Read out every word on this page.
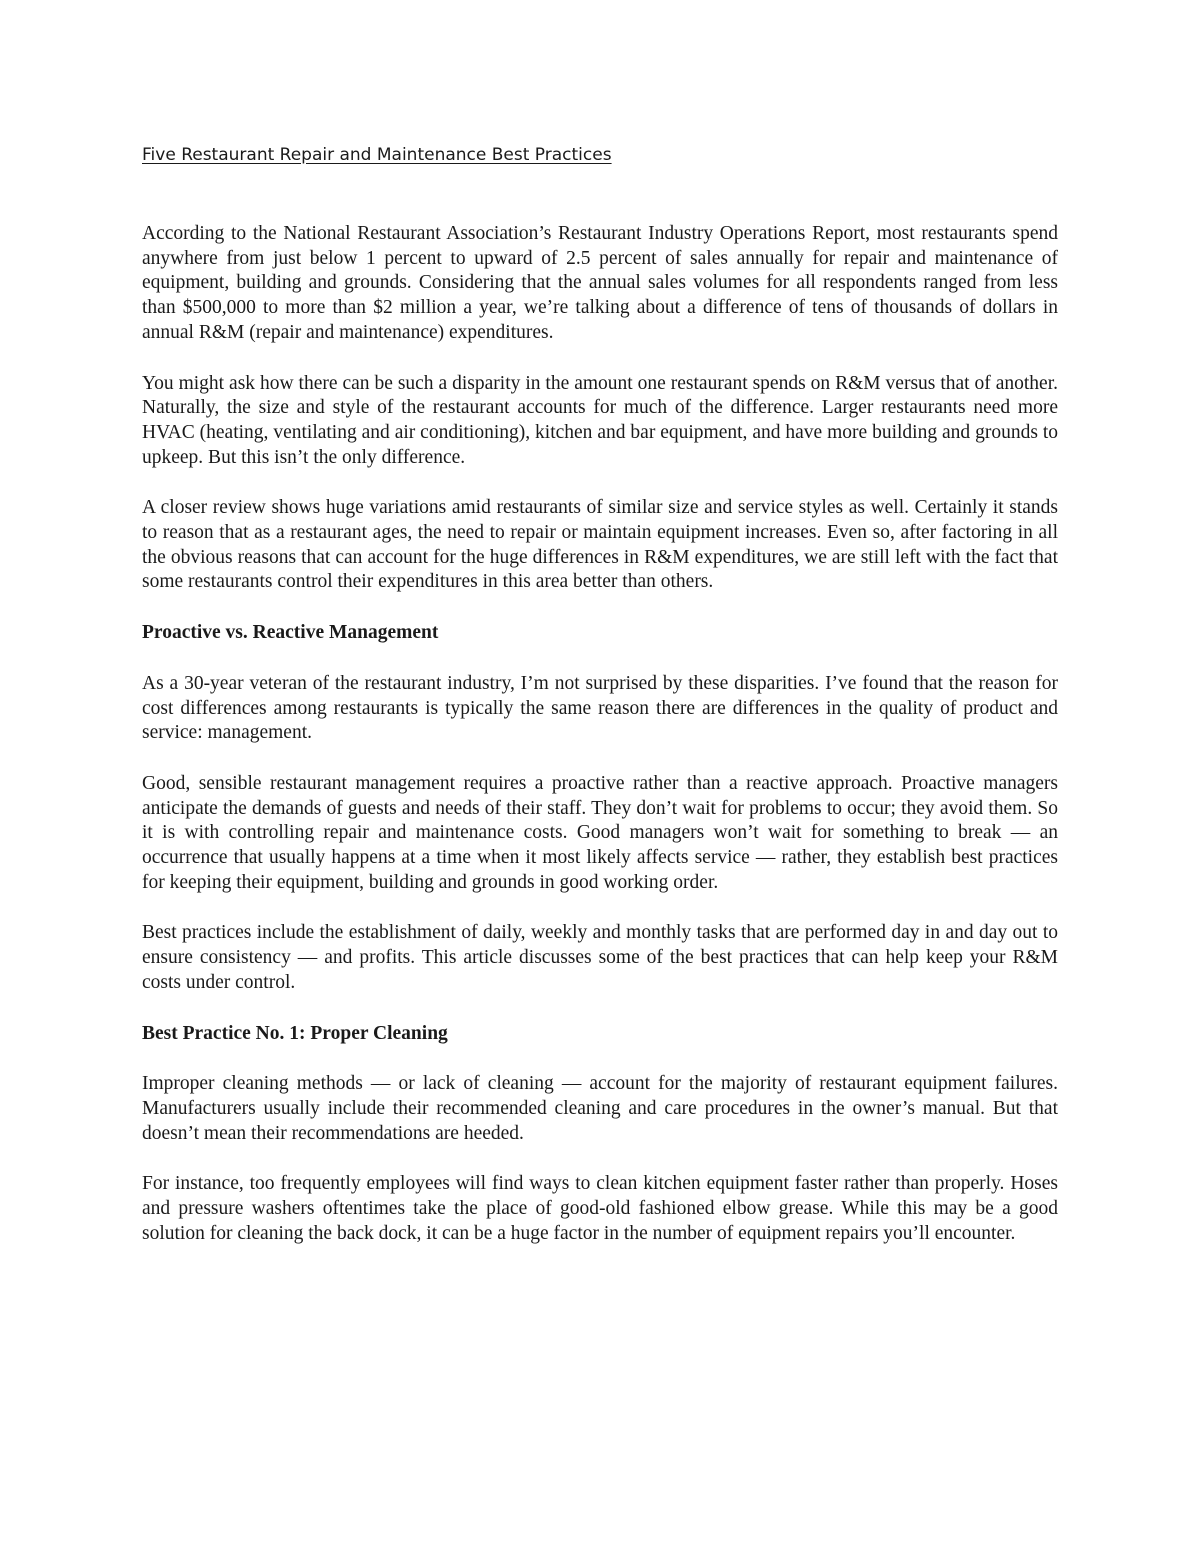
Five Restaurant Repair and Maintenance Best Practices

According to the National Restaurant Association’s Restaurant Industry Operations Report, most restaurants spend anywhere from just below 1 percent to upward of 2.5 percent of sales annually for repair and maintenance of equipment, building and grounds. Considering that the annual sales volumes for all respondents ranged from less than $500,000 to more than $2 million a year, we’re talking about a difference of tens of thousands of dollars in annual R&M (repair and maintenance) expenditures.

You might ask how there can be such a disparity in the amount one restaurant spends on R&M versus that of another. Naturally, the size and style of the restaurant accounts for much of the difference. Larger restaurants need more HVAC (heating, ventilating and air conditioning), kitchen and bar equipment, and have more building and grounds to upkeep. But this isn’t the only difference.

A closer review shows huge variations amid restaurants of similar size and service styles as well. Certainly it stands to reason that as a restaurant ages, the need to repair or maintain equipment increases. Even so, after factoring in all the obvious reasons that can account for the huge differences in R&M expenditures, we are still left with the fact that some restaurants control their expenditures in this area better than others.

Proactive vs. Reactive Management

As a 30-year veteran of the restaurant industry, I’m not surprised by these disparities. I’ve found that the reason for cost differences among restaurants is typically the same reason there are differences in the quality of product and service: management.

Good, sensible restaurant management requires a proactive rather than a reactive approach. Proactive managers anticipate the demands of guests and needs of their staff. They don’t wait for problems to occur; they avoid them. So it is with controlling repair and maintenance costs. Good managers won’t wait for something to break — an occurrence that usually happens at a time when it most likely affects service — rather, they establish best practices for keeping their equipment, building and grounds in good working order.

Best practices include the establishment of daily, weekly and monthly tasks that are performed day in and day out to ensure consistency — and profits. This article discusses some of the best practices that can help keep your R&M costs under control.

Best Practice No. 1: Proper Cleaning

Improper cleaning methods — or lack of cleaning — account for the majority of restaurant equipment failures. Manufacturers usually include their recommended cleaning and care procedures in the owner’s manual. But that doesn’t mean their recommendations are heeded.

For instance, too frequently employees will find ways to clean kitchen equipment faster rather than properly. Hoses and pressure washers oftentimes take the place of good-old fashioned elbow grease. While this may be a good solution for cleaning the back dock, it can be a huge factor in the number of equipment repairs you’ll encounter.
